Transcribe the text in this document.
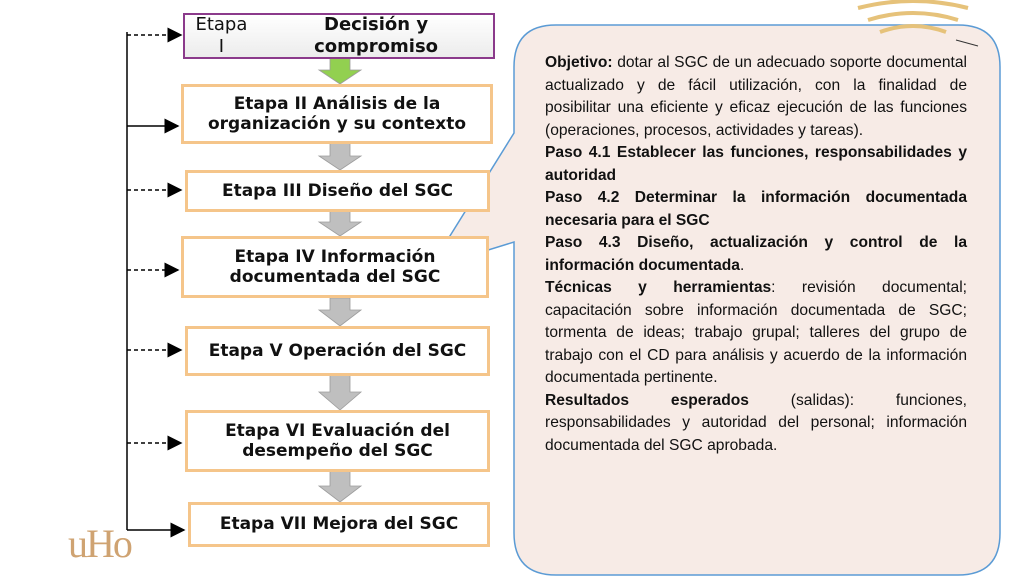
Etapa I

Decisión y compromiso
Etapa II Análisis de la
organización y su contexto
Etapa III Diseño del SGC
Etapa IV Información
documentada del SGC
Etapa V Operación del SGC
Etapa VI Evaluación del
desempeño del SGC
Etapa VII Mejora del SGC

Objetivo: dotar al SGC de un adecuado soporte documental actualizado y de fácil utilización, con la finalidad de posibilitar una eficiente y eficaz ejecución de las funciones (operaciones, procesos, actividades y tareas).

Paso 4.1 Establecer las funciones, responsabilidades y autoridad

Paso 4.2 Determinar la información documentada necesaria para el SGC

Paso 4.3 Diseño, actualización y control de la información documentada.

Técnicas y herramientas: revisión documental; capacitación sobre información documentada de SGC; tormenta de ideas; trabajo grupal; talleres del grupo de trabajo con el CD para análisis y acuerdo de la información documentada pertinente.

Resultados esperados (salidas): funciones, responsabilidades y autoridad del personal; información documentada del SGC aprobada.

uHo
